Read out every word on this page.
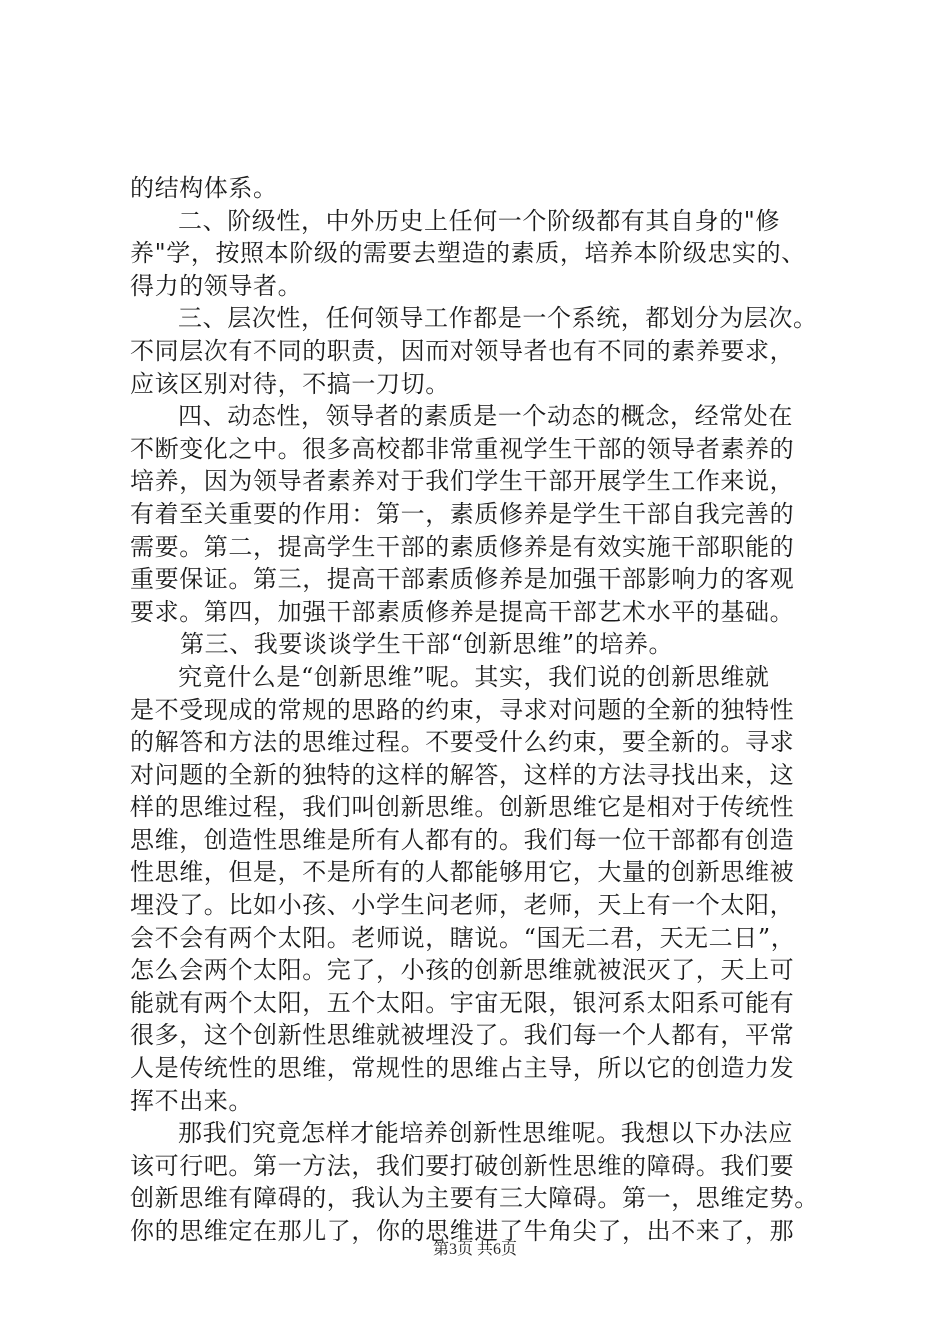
的结构体系。
二、阶级性，中外历史上任何一个阶级都有其自身的"修
养"学，按照本阶级的需要去塑造的素质，培养本阶级忠实的、
得力的领导者。
三、层次性，任何领导工作都是一个系统，都划分为层次。
不同层次有不同的职责，因而对领导者也有不同的素养要求，
应该区别对待，不搞一刀切。
四、动态性，领导者的素质是一个动态的概念，经常处在
不断变化之中。很多高校都非常重视学生干部的领导者素养的
培养，因为领导者素养对于我们学生干部开展学生工作来说，
有着至关重要的作用：第一，素质修养是学生干部自我完善的
需要。第二，提高学生干部的素质修养是有效实施干部职能的
重要保证。第三，提高干部素质修养是加强干部影响力的客观
要求。第四，加强干部素质修养是提高干部艺术水平的基础。
第三、我要谈谈学生干部“创新思维”的培养。
究竟什么是“创新思维”呢。其实，我们说的创新思维就
是不受现成的常规的思路的约束，寻求对问题的全新的独特性
的解答和方法的思维过程。不要受什么约束，要全新的。寻求
对问题的全新的独特的这样的解答，这样的方法寻找出来，这
样的思维过程，我们叫创新思维。创新思维它是相对于传统性
思维，创造性思维是所有人都有的。我们每一位干部都有创造
性思维，但是，不是所有的人都能够用它，大量的创新思维被
埋没了。比如小孩、小学生问老师，老师，天上有一个太阳，
会不会有两个太阳。老师说，瞎说。“国无二君，天无二日”，
怎么会两个太阳。完了，小孩的创新思维就被泯灭了，天上可
能就有两个太阳，五个太阳。宇宙无限，银河系太阳系可能有
很多，这个创新性思维就被埋没了。我们每一个人都有，平常
人是传统性的思维，常规性的思维占主导，所以它的创造力发
挥不出来。
那我们究竟怎样才能培养创新性思维呢。我想以下办法应
该可行吧。第一方法，我们要打破创新性思维的障碍。我们要
创新思维有障碍的，我认为主要有三大障碍。第一，思维定势。
你的思维定在那儿了，你的思维进了牛角尖了，出不来了，那
第3页 共6页
